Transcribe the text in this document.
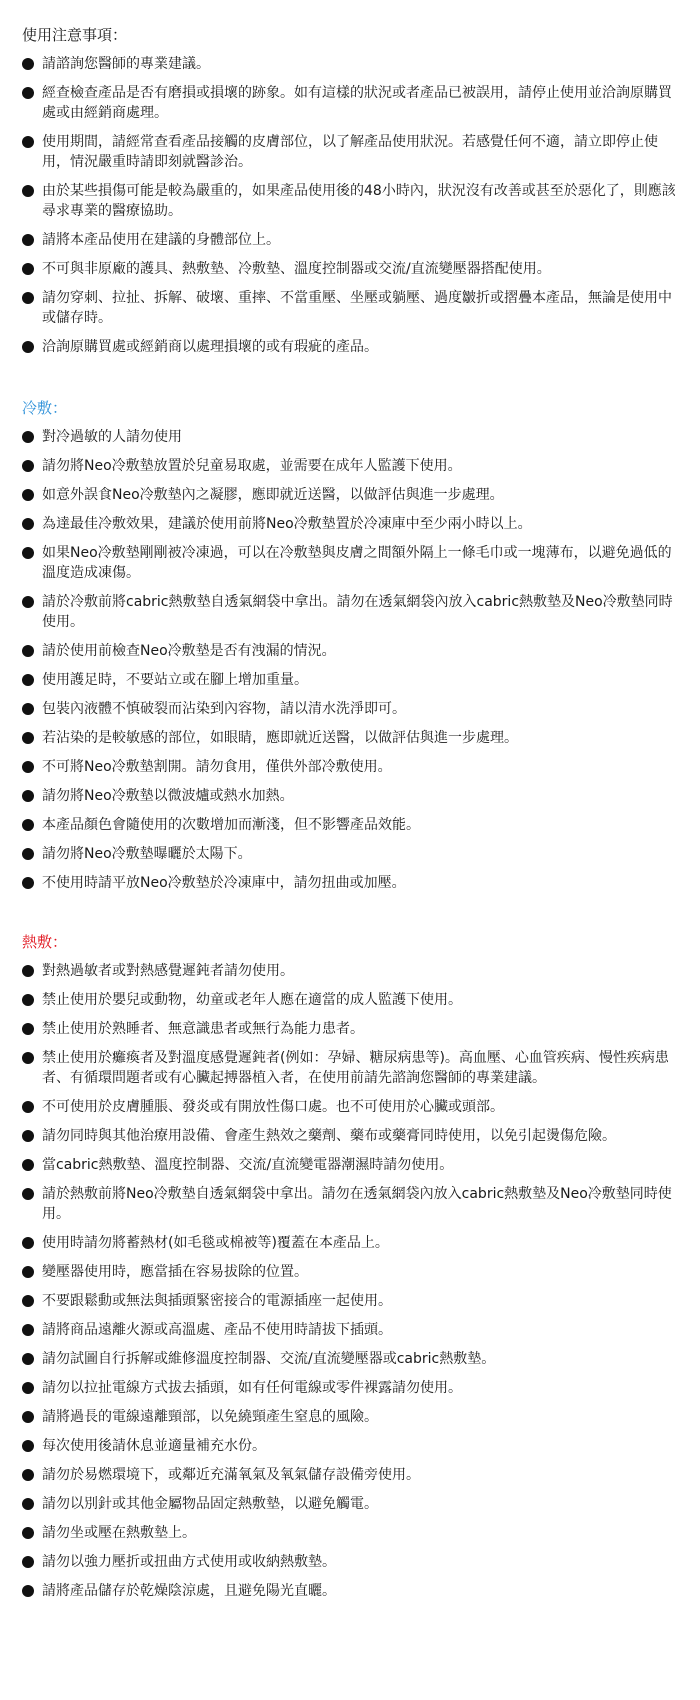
使用注意事項：
請諮詢您醫師的專業建議。
經查檢查產品是否有磨損或損壞的跡象。如有這樣的狀況或者產品已被誤用，請停止使用並洽詢原購買處或由經銷商處理。
使用期間，請經常查看產品接觸的皮膚部位，以了解產品使用狀況。若感覺任何不適，請立即停止使用，情況嚴重時請即刻就醫診治。
由於某些損傷可能是較為嚴重的，如果產品使用後的48小時內，狀況沒有改善或甚至於惡化了，則應該尋求專業的醫療協助。
請將本產品使用在建議的身體部位上。
不可與非原廠的護具、熱敷墊、冷敷墊、溫度控制器或交流/直流變壓器搭配使用。
請勿穿刺、拉扯、拆解、破壞、重摔、不當重壓、坐壓或躺壓、過度皺折或摺疊本產品，無論是使用中或儲存時。
洽詢原購買處或經銷商以處理損壞的或有瑕疵的產品。
冷敷：
對冷過敏的人請勿使用
請勿將Neo冷敷墊放置於兒童易取處，並需要在成年人監護下使用。
如意外誤食Neo冷敷墊內之凝膠，應即就近送醫，以做評估與進一步處理。
為達最佳冷敷效果，建議於使用前將Neo冷敷墊置於冷凍庫中至少兩小時以上。
如果Neo冷敷墊剛剛被冷凍過，可以在冷敷墊與皮膚之間額外隔上一條毛巾或一塊薄布，以避免過低的溫度造成凍傷。
請於冷敷前將cabric熱敷墊自透氣網袋中拿出。請勿在透氣網袋內放入cabric熱敷墊及Neo冷敷墊同時使用。
請於使用前檢查Neo冷敷墊是否有洩漏的情況。
使用護足時，不要站立或在腳上增加重量。
包裝內液體不慎破裂而沾染到內容物，請以清水洗淨即可。
若沾染的是較敏感的部位，如眼睛，應即就近送醫，以做評估與進一步處理。
不可將Neo冷敷墊割開。請勿食用，僅供外部冷敷使用。
請勿將Neo冷敷墊以微波爐或熱水加熱。
本產品顏色會隨使用的次數增加而漸淺，但不影響產品效能。
請勿將Neo冷敷墊曝曬於太陽下。
不使用時請平放Neo冷敷墊於冷凍庫中，請勿扭曲或加壓。
熱敷：
對熱過敏者或對熱感覺遲鈍者請勿使用。
禁止使用於嬰兒或動物，幼童或老年人應在適當的成人監護下使用。
禁止使用於熟睡者、無意識患者或無行為能力患者。
禁止使用於癱瘓者及對溫度感覺遲鈍者(例如：孕婦、糖尿病患等)。高血壓、心血管疾病、慢性疾病患者、有循環問題者或有心臟起搏器植入者，在使用前請先諮詢您醫師的專業建議。
不可使用於皮膚腫脹、發炎或有開放性傷口處。也不可使用於心臟或頭部。
請勿同時與其他治療用設備、會產生熱效之藥劑、藥布或藥膏同時使用，以免引起燙傷危險。
當cabric熱敷墊、溫度控制器、交流/直流變電器潮濕時請勿使用。
請於熱敷前將Neo冷敷墊自透氣網袋中拿出。請勿在透氣網袋內放入cabric熱敷墊及Neo冷敷墊同時使用。
使用時請勿將蓄熱材(如毛毯或棉被等)覆蓋在本產品上。
變壓器使用時，應當插在容易拔除的位置。
不要跟鬆動或無法與插頭緊密接合的電源插座一起使用。
請將商品遠離火源或高溫處、產品不使用時請拔下插頭。
請勿試圖自行拆解或維修溫度控制器、交流/直流變壓器或cabric熱敷墊。
請勿以拉扯電線方式拔去插頭，如有任何電線或零件裸露請勿使用。
請將過長的電線遠離頸部，以免繞頸產生窒息的風險。
每次使用後請休息並適量補充水份。
請勿於易燃環境下，或鄰近充滿氧氣及氧氣儲存設備旁使用。
請勿以別針或其他金屬物品固定熱敷墊，以避免觸電。
請勿坐或壓在熱敷墊上。
請勿以強力壓折或扭曲方式使用或收納熱敷墊。
請將產品儲存於乾燥陰涼處，且避免陽光直曬。
